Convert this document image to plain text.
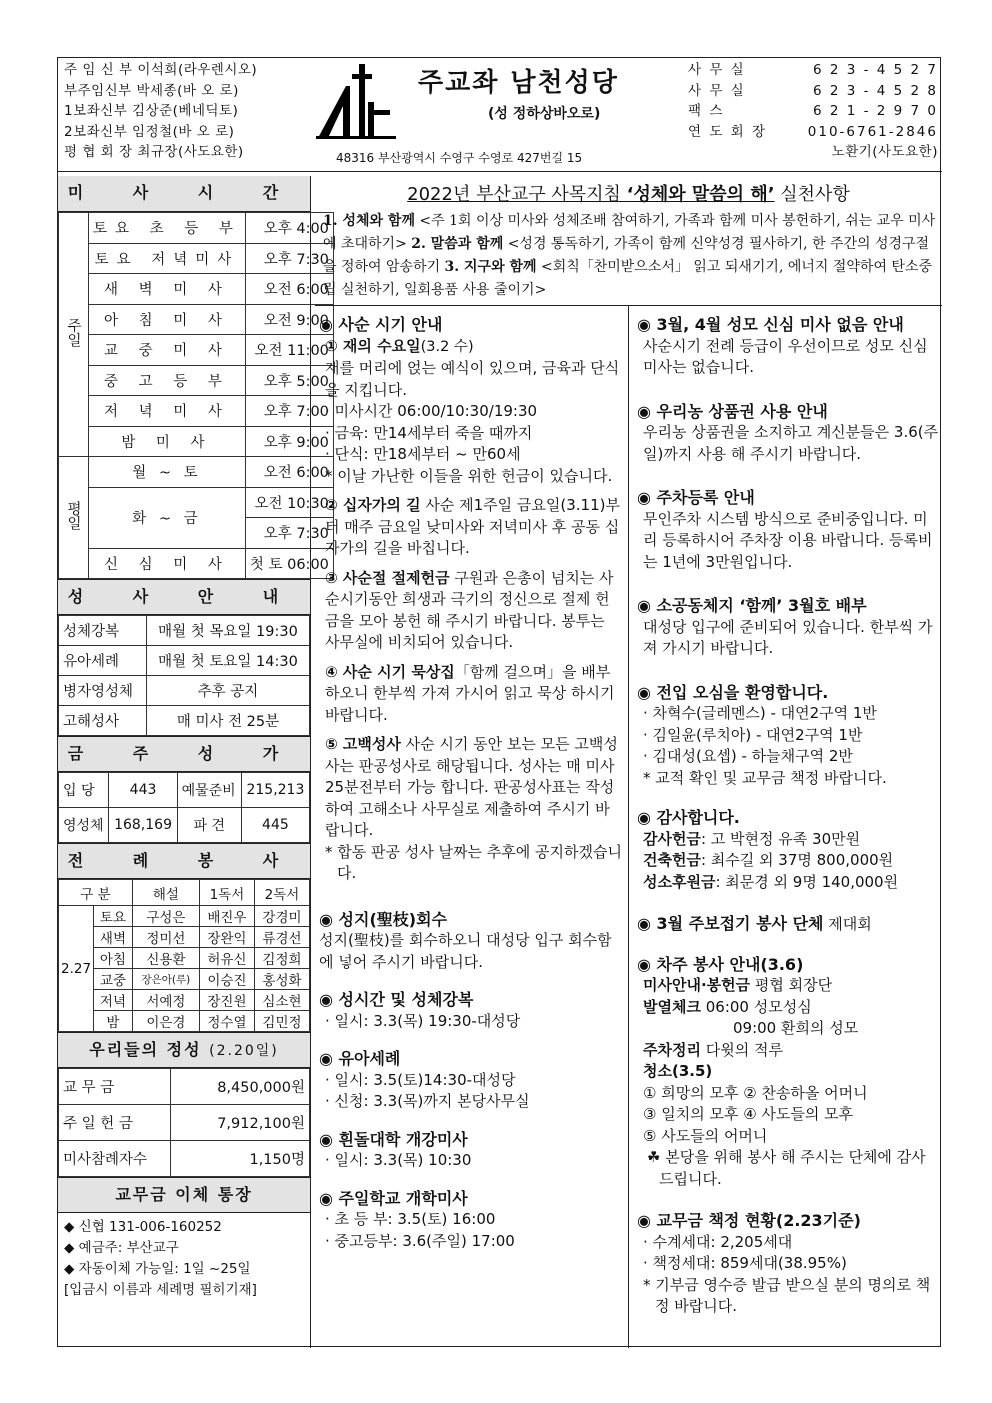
주 임 신 부 이석희(라우렌시오)
부주임신부 박세종(바 오 로)
1보좌신부 김상준(베네딕토)
2보좌신부 임정철(바 오 로)
평 협 회 장 최규장(사도요한)
주교좌 남천성당
(성 정하상바오로)
48316 부산광역시 수영구 수영로 427번길 15
사 무 실	6 2 3 - 4 5 2 7
사 무 실	6 2 3 - 4 5 2 8
팩 스	6 2 1 - 2 9 7 0
연 도 회 장	010-6761-2846
노환기(사도요한)
미 사 시 간
주일	토요 초 등 부	오후 4:00
	토요 저녁미사	오후 7:30
	새 벽 미 사	오전 6:00
	아 침 미 사	오전 9:00
	교 중 미 사	오전 11:00
	중 고 등 부	오후 5:00
	저 녁 미 사	오후 7:00
	밤 미 사	오후 9:00
평일	월 ~ 토	오전 6:00
	화 ~ 금	오전 10:30
		오후 7:30
	신 심 미 사	첫 토 06:00
성 사 안 내
성체강복	매월 첫 목요일 19:30
유아세례	매월 첫 토요일 14:30
병자영성체	추후 공지
고해성사	매 미사 전 25분
금 주 성 가
입 당	443	예물준비	215,213
영성체	168,169	파 견	445
전 례 봉 사
구 분		해설	1독서	2독서
2.27	토요	구성은	배진우	강경미
	새벽	정미선	장완익	류경선
	아침	신용환	허유신	김정희
	교중	장은아(루)	이승진	홍성화
	저녁	서예정	장진원	심소현
	밤	이은경	정수열	김민정
우리들의 정성 (2.20일)
교 무 금	8,450,000원
주 일 헌 금	7,912,100원
미사참례자수	1,150명
교무금 이체 통장
◆ 신협 131-006-160252
◆ 예금주: 부산교구
◆ 자동이체 가능일: 1일 ~25일
[입금시 이름과 세례명 필히기재]
2022년 부산교구 사목지침 ‘성체와 말씀의 해’ 실천사항
1. 성체와 함께 <주 1회 이상 미사와 성체조배 참여하기, 가족과 함께 미사 봉헌하기, 쉬는 교우 미사에 초대하기> 2. 말씀과 함께 <성경 통독하기, 가족이 함께 신약성경 필사하기, 한 주간의 성경구절을 정하여 암송하기 3. 지구와 함께 <회칙「찬미받으소서」 읽고 되새기기, 에너지 절약하여 탄소중립 실천하기, 일회용품 사용 줄이기>
◉ 사순 시기 안내
① 재의 수요일(3.2 수)
재를 머리에 얹는 예식이 있으며, 금육과 단식을 지킵니다.
· 미사시간 06:00/10:30/19:30
· 금육: 만14세부터 죽을 때까지
· 단식: 만18세부터 ~ 만60세
* 이날 가난한 이들을 위한 헌금이 있습니다.
② 십자가의 길 사순 제1주일 금요일(3.11)부터 매주 금요일 낮미사와 저녁미사 후 공동 십자가의 길을 바칩니다.
③ 사순절 절제헌금 구원과 은총이 넘치는 사순시기동안 희생과 극기의 정신으로 절제 헌금을 모아 봉헌 해 주시기 바랍니다. 봉투는 사무실에 비치되어 있습니다.
④ 사순 시기 묵상집「함께 걸으며」을 배부하오니 한부씩 가져 가시어 읽고 묵상 하시기 바랍니다.
⑤ 고백성사 사순 시기 동안 보는 모든 고백성사는 판공성사로 해당됩니다. 성사는 매 미사 25분전부터 가능 합니다. 판공성사표는 작성하여 고해소나 사무실로 제출하여 주시기 바랍니다.
* 합동 판공 성사 날짜는 추후에 공지하겠습니다.
◉ 성지(聖枝)회수
성지(聖枝)를 회수하오니 대성당 입구 회수함에 넣어 주시기 바랍니다.
◉ 성시간 및 성체강복
· 일시: 3.3(목) 19:30-대성당
◉ 유아세례
· 일시: 3.5(토)14:30-대성당
· 신청: 3.3(목)까지 본당사무실
◉ 흰돌대학 개강미사
· 일시: 3.3(목) 10:30
◉ 주일학교 개학미사
· 초 등 부: 3.5(토) 16:00
· 중고등부: 3.6(주일) 17:00
◉ 3월, 4월 성모 신심 미사 없음 안내
사순시기 전례 등급이 우선이므로 성모 신심 미사는 없습니다.
◉ 우리농 상품권 사용 안내
우리농 상품권을 소지하고 계신분들은 3.6(주일)까지 사용 해 주시기 바랍니다.
◉ 주차등록 안내
무인주차 시스템 방식으로 준비중입니다. 미리 등록하시어 주차장 이용 바랍니다. 등록비는 1년에 3만원입니다.
◉ 소공동체지 ‘함께’ 3월호 배부
대성당 입구에 준비되어 있습니다. 한부씩 가져 가시기 바랍니다.
◉ 전입 오심을 환영합니다.
· 차혁수(글레멘스) - 대연2구역 1반
· 김일윤(루치아) - 대연2구역 1반
· 김대성(요셉) - 하늘채구역 2반
* 교적 확인 및 교무금 책정 바랍니다.
◉ 감사합니다.
감사헌금: 고 박현정 유족 30만원
건축헌금: 최수길 외 37명 800,000원
성소후원금: 최문경 외 9명 140,000원
◉ 3월 주보접기 봉사 단체 제대회
◉ 차주 봉사 안내(3.6)
미사안내·봉헌금 평협 회장단
발열체크 06:00 성모성심
09:00 환희의 성모
주차정리 다윗의 적루
청소(3.5)
① 희망의 모후 ② 찬송하올 어머니
③ 일치의 모후 ④ 사도들의 모후
⑤ 사도들의 어머니
☘ 본당을 위해 봉사 해 주시는 단체에 감사 드립니다.
◉ 교무금 책정 현황(2.23기준)
· 수계세대: 2,205세대
· 책정세대: 859세대(38.95%)
* 기부금 영수증 발급 받으실 분의 명의로 책정 바랍니다.
